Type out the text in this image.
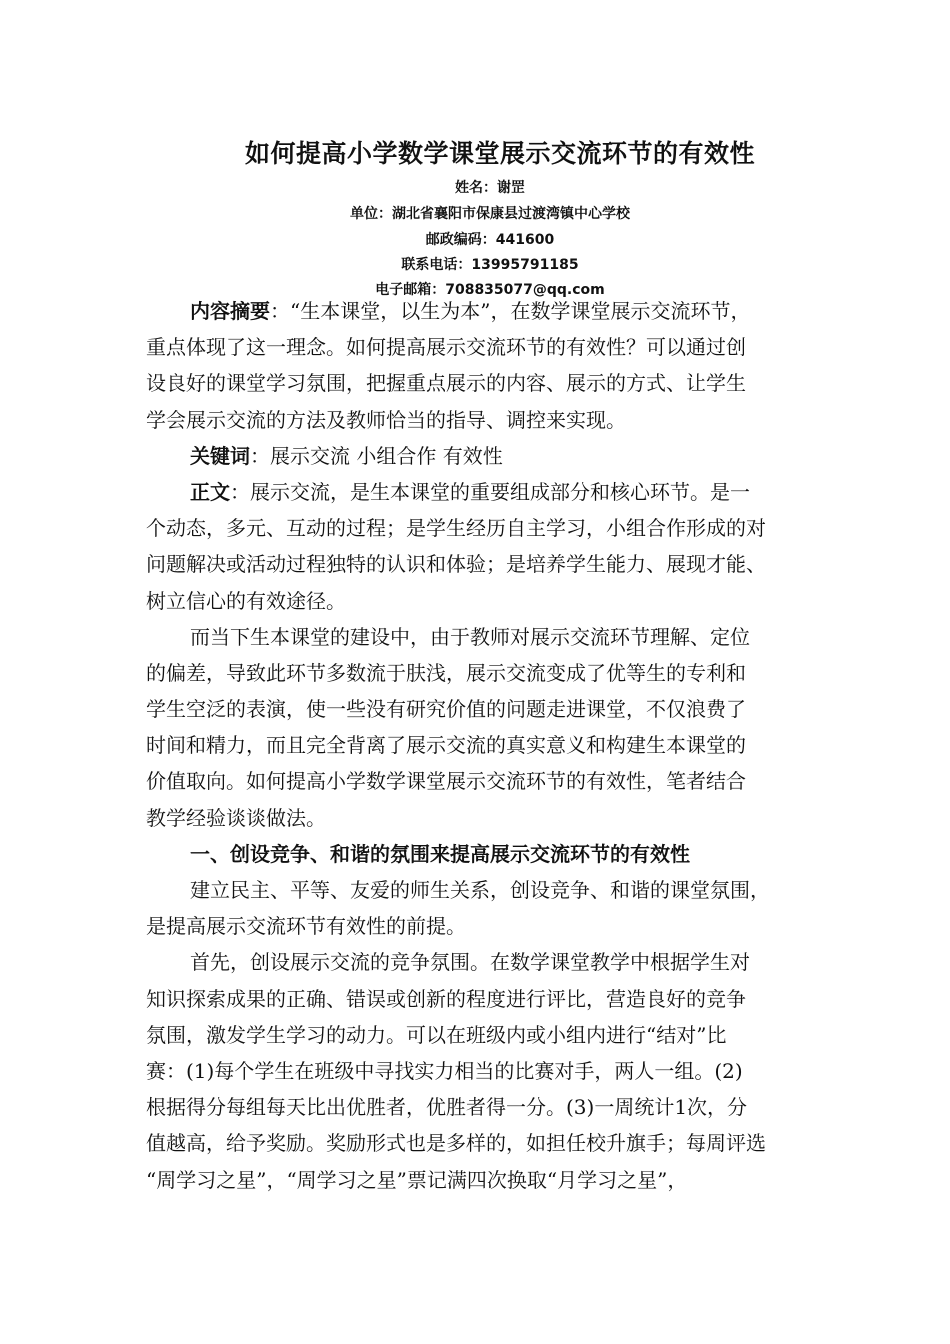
如何提高小学数学课堂展示交流环节的有效性
姓名：谢罡
单位：湖北省襄阳市保康县过渡湾镇中心学校
邮政编码：441600
联系电话：13995791185
电子邮箱：708835077@qq.com
内容摘要：“生本课堂，以生为本”，在数学课堂展示交流环节，
重点体现了这一理念。如何提高展示交流环节的有效性？可以通过创
设良好的课堂学习氛围，把握重点展示的内容、展示的方式、让学生
学会展示交流的方法及教师恰当的指导、调控来实现。
关键词：展示交流 小组合作 有效性
正文：展示交流，是生本课堂的重要组成部分和核心环节。是一
个动态，多元、互动的过程；是学生经历自主学习，小组合作形成的对
问题解决或活动过程独特的认识和体验；是培养学生能力、展现才能、
树立信心的有效途径。
而当下生本课堂的建设中，由于教师对展示交流环节理解、定位
的偏差，导致此环节多数流于肤浅，展示交流变成了优等生的专利和
学生空泛的表演，使一些没有研究价值的问题走进课堂，不仅浪费了
时间和精力，而且完全背离了展示交流的真实意义和构建生本课堂的
价值取向。如何提高小学数学课堂展示交流环节的有效性，笔者结合
教学经验谈谈做法。
一、创设竞争、和谐的氛围来提高展示交流环节的有效性
建立民主、平等、友爱的师生关系，创设竞争、和谐的课堂氛围，
是提高展示交流环节有效性的前提。
首先，创设展示交流的竞争氛围。在数学课堂教学中根据学生对
知识探索成果的正确、错误或创新的程度进行评比，营造良好的竞争
氛围，激发学生学习的动力。可以在班级内或小组内进行“结对”比
赛：(1)每个学生在班级中寻找实力相当的比赛对手，两人一组。(2)
根据得分每组每天比出优胜者，优胜者得一分。(3)一周统计1次，分
值越高，给予奖励。奖励形式也是多样的，如担任校升旗手；每周评选
“周学习之星”，“周学习之星”票记满四次换取“月学习之星”，
